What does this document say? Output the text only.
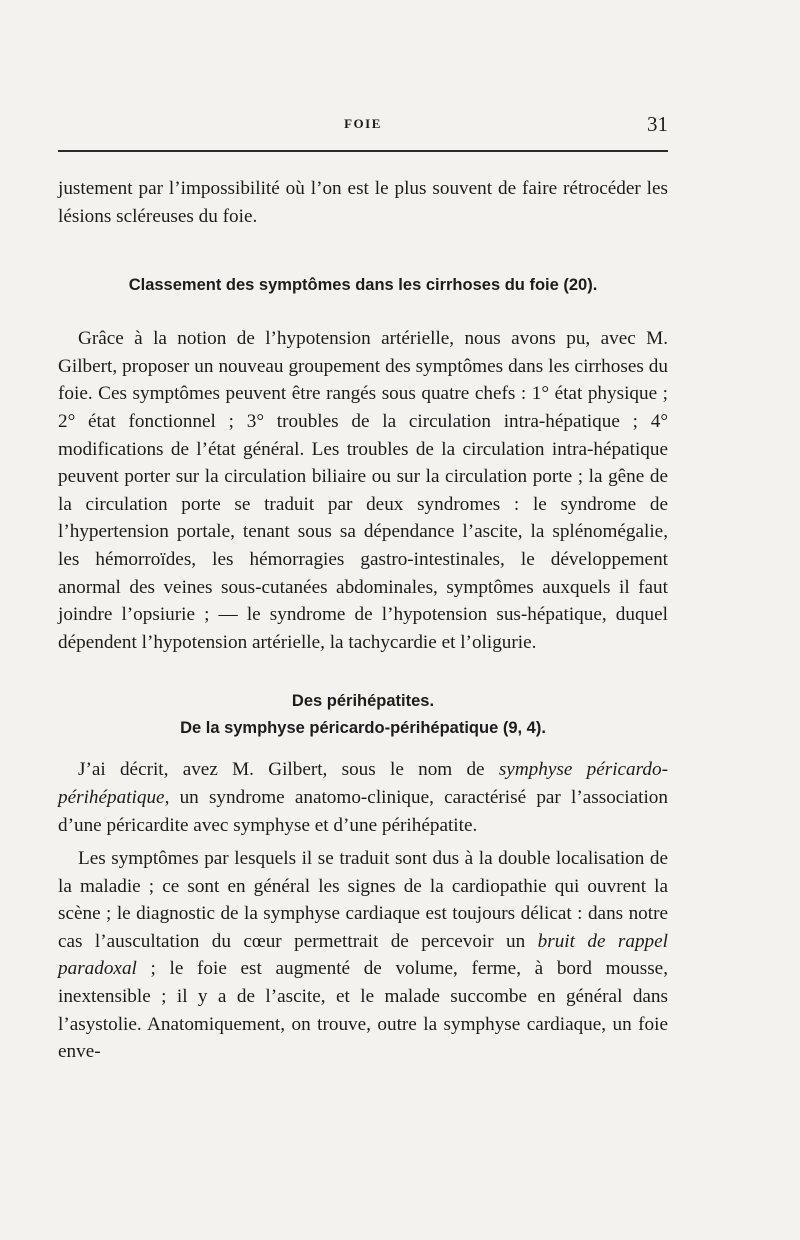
FOIE	31

justement par l’impossibilité où l’on est le plus souvent de faire rétrocéder les lésions scléreuses du foie.

Classement des symptômes dans les cirrhoses du foie (20).

Grâce à la notion de l’hypotension artérielle, nous avons pu, avec M. Gilbert, proposer un nouveau groupement des symptômes dans les cirrhoses du foie. Ces symptômes peuvent être rangés sous quatre chefs : 1° état physique ; 2° état fonctionnel ; 3° troubles de la circulation intra-hépatique ; 4° modifications de l’état général. Les troubles de la circulation intra-hépatique peuvent porter sur la circulation biliaire ou sur la circulation porte ; la gêne de la circulation porte se traduit par deux syndromes : le syndrome de l’hypertension portale, tenant sous sa dépendance l’ascite, la splénomégalie, les hémorroïdes, les hémorragies gastro-intestinales, le développement anormal des veines sous-cutanées abdominales, symptômes auxquels il faut joindre l’opsiurie ; — le syndrome de l’hypotension sus-hépatique, duquel dépendent l’hypotension artérielle, la tachycardie et l’oligurie.

Des périhépatites.

De la symphyse péricardo-périhépatique (9, 4).

J’ai décrit, avez M. Gilbert, sous le nom de symphyse péricardo-périhépatique, un syndrome anatomo-clinique, caractérisé par l’association d’une péricardite avec symphyse et d’une périhépatite.

Les symptômes par lesquels il se traduit sont dus à la double localisation de la maladie ; ce sont en général les signes de la cardiopathie qui ouvrent la scène ; le diagnostic de la symphyse cardiaque est toujours délicat : dans notre cas l’auscultation du cœur permettrait de percevoir un bruit de rappel paradoxal ; le foie est augmenté de volume, ferme, à bord mousse, inextensible ; il y a de l’ascite, et le malade succombe en général dans l’asystolie. Anatomiquement, on trouve, outre la symphyse cardiaque, un foie enve-
